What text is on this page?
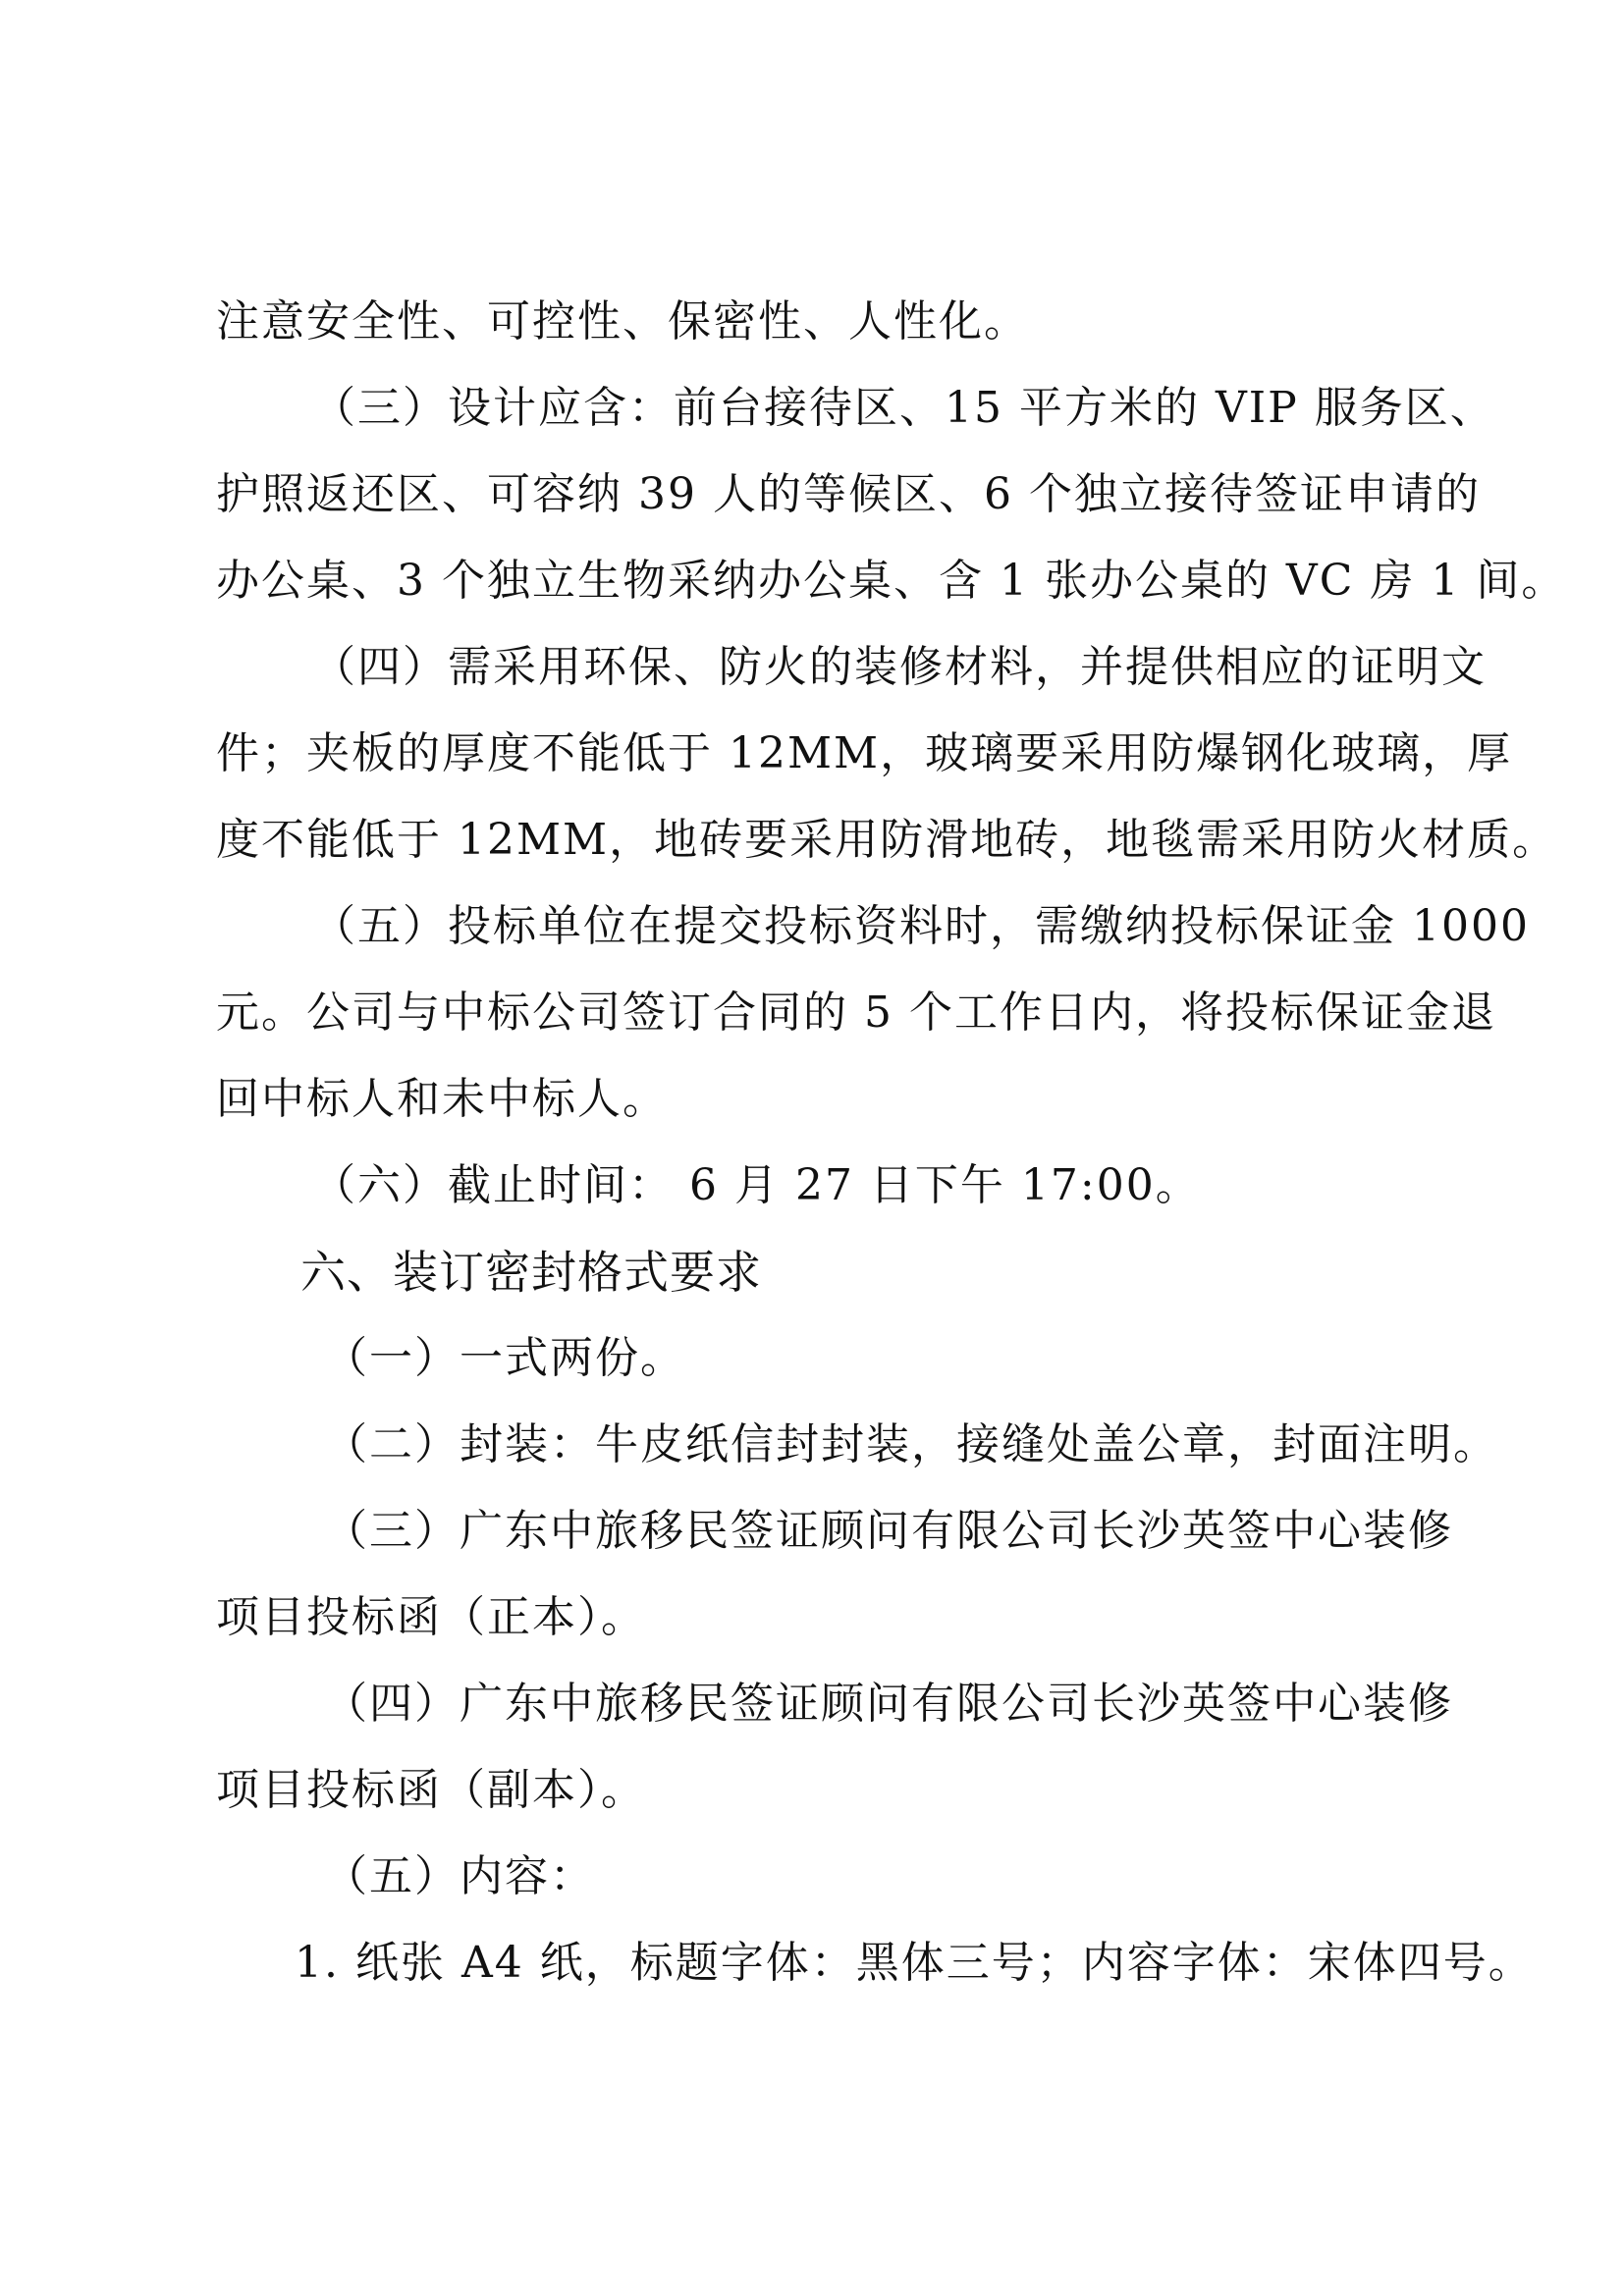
注意安全性、可控性、保密性、人性化。
（三）设计应含：前台接待区、15 平方米的 VIP 服务区、
护照返还区、可容纳 39 人的等候区、6 个独立接待签证申请的
办公桌、3 个独立生物采纳办公桌、含 1 张办公桌的 VC 房 1 间。
（四）需采用环保、防火的装修材料，并提供相应的证明文
件；夹板的厚度不能低于 12MM，玻璃要采用防爆钢化玻璃，厚
度不能低于 12MM，地砖要采用防滑地砖，地毯需采用防火材质。
（五）投标单位在提交投标资料时，需缴纳投标保证金 1000
元。公司与中标公司签订合同的 5 个工作日内，将投标保证金退
回中标人和未中标人。
（六）截止时间： 6 月 27 日下午 17:00。
六、装订密封格式要求
（一）一式两份。
（二）封装：牛皮纸信封封装，接缝处盖公章，封面注明。
（三）广东中旅移民签证顾问有限公司长沙英签中心装修
项目投标函（正本）。
（四）广东中旅移民签证顾问有限公司长沙英签中心装修
项目投标函（副本）。
（五）内容：
1. 纸张 A4 纸，标题字体：黑体三号；内容字体：宋体四号。
